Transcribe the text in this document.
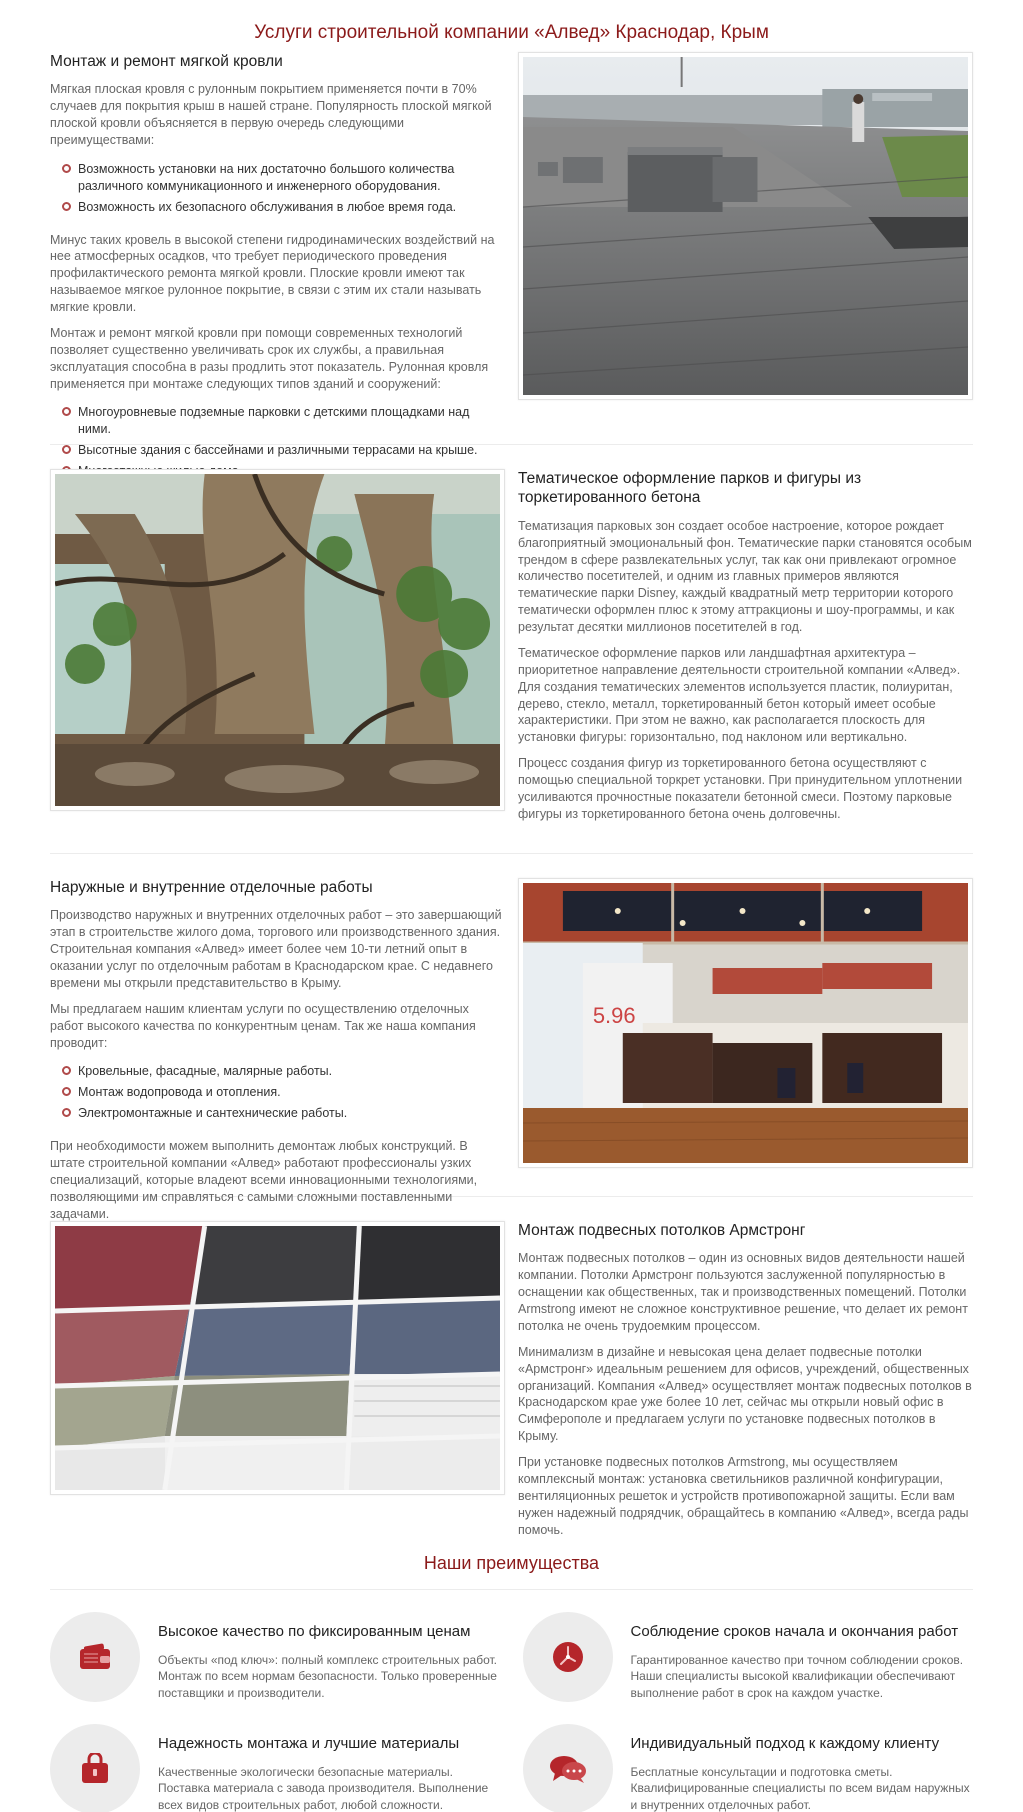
Услуги строительной компании «Алвед» Краснодар, Крым
Монтаж и ремонт мягкой кровли

Мягкая плоская кровля с рулонным покрытием применяется почти в 70% случаев для покрытия крыш в нашей стране. Популярность плоской мягкой плоской кровли объясняется в первую очередь следующими преимуществами:

Возможность установки на них достаточно большого количества различного коммуникационного и инженерного оборудования.
Возможность их безопасного обслуживания в любое время года.

Минус таких кровель в высокой степени гидродинамических воздействий на нее атмосферных осадков, что требует периодического проведения профилактического ремонта мягкой кровли. Плоские кровли имеют так называемое мягкое рулонное покрытие, в связи с этим их стали называть мягкие кровли.

Монтаж и ремонт мягкой кровли при помощи современных технологий позволяет существенно увеличивать срок их службы, а правильная эксплуатация способна в разы продлить этот показатель. Рулонная кровля применяется при монтаже следующих типов зданий и сооружений:

Многоуровневые подземные парковки с детскими площадками над ними.
Высотные здания с бассейнами и различными террасами на крыше.
Тематическое оформление парков и фигуры из торкетированного бетона

Тематизация парковых зон создает особое настроение, которое рождает благоприятный эмоциональный фон. Тематические парки становятся особым трендом в сфере развлекательных услуг, так как они привлекают огромное количество посетителей, и одним из главных примеров являются тематические парки Disney, каждый квадратный метр территории которого тематически оформлен плюс к этому аттракционы и шоу-программы, и как результат десятки миллионов посетителей в год.

Тематическое оформление парков или ландшафтная архитектура – приоритетное направление деятельности строительной компании «Алвед». Для создания тематических элементов используется пластик, полиуритан, дерево, стекло, металл, торкетированный бетон который имеет особые характеристики. При этом не важно, как располагается плоскость для установки фигуры: горизонтально, под наклоном или вертикально.

Процесс создания фигур из торкетированного бетона осуществляют с помощью специальной торкрет установки. При принудительном уплотнении усиливаются прочностные показатели бетонной смеси. Поэтому парковые фигуры из торкетированного бетона очень долговечны.

Наружные и внутренние отделочные работы

Производство наружных и внутренних отделочных работ – это завершающий этап в строительстве жилого дома, торгового или производственного здания. Строительная компания «Алвед» имеет более чем 10-ти летний опыт в оказании услуг по отделочным работам в Краснодарском крае. С недавнего времени мы открыли представительство в Крыму.

Мы предлагаем нашим клиентам услуги по осуществлению отделочных работ высокого качества по конкурентным ценам. Так же наша компания проводит:

Кровельные, фасадные, малярные работы.
Монтаж водопровода и отопления.
Электромонтажные и сантехнические работы.

При необходимости можем выполнить демонтаж любых конструкций. В штате строительной компании «Алвед» работают профессионалы узких специализаций, которые владеют всеми инновационными технологиями, позволяющими им справляться с самыми сложными поставленными задачами.

5.96
Монтаж подвесных потолков Армстронг

Монтаж подвесных потолков – один из основных видов деятельности нашей компании. Потолки Армстронг пользуются заслуженной популярностью в оснащении как общественных, так и производственных помещений. Потолки Armstrong имеют не сложное конструктивное решение, что делает их ремонт потолка не очень трудоемким процессом.

Минимализм в дизайне и невысокая цена делает подвесные потолки «Армстронг» идеальным решением для офисов, учреждений, общественных организаций. Компания «Алвед» осуществляет монтаж подвесных потолков в Краснодарском крае уже более 10 лет, сейчас мы открыли новый офис в Симферополе и предлагаем услуги по установке подвесных потолков в Крыму.

При установке подвесных потолков Armstrong, мы осуществляем комплексный монтаж: установка светильников различной конфигурации, вентиляционных решеток и устройств противопожарной защиты. Если вам нужен надежный подрядчик, обращайтесь в компанию «Алвед», всегда рады помочь.

Наши преимущества
Высокое качество по фиксированным ценам
Объекты «под ключ»: полный комплекс строительных работ. Монтаж по всем нормам безопасности. Только проверенные поставщики и производители.
Соблюдение сроков начала и окончания работ
Гарантированное качество при точном соблюдении сроков. Наши специалисты высокой квалификации обеспечивают выполнение работ в срок на каждом участке.
Надежность монтажа и лучшие материалы
Качественные экологически безопасные материалы. Поставка материала с завода производителя. Выполнение всех видов строительных работ, любой сложности.
Индивидуальный подход к каждому клиенту
Бесплатные консультации и подготовка сметы. Квалифицированные специалисты по всем видам наружных и внутренних отделочных работ.
